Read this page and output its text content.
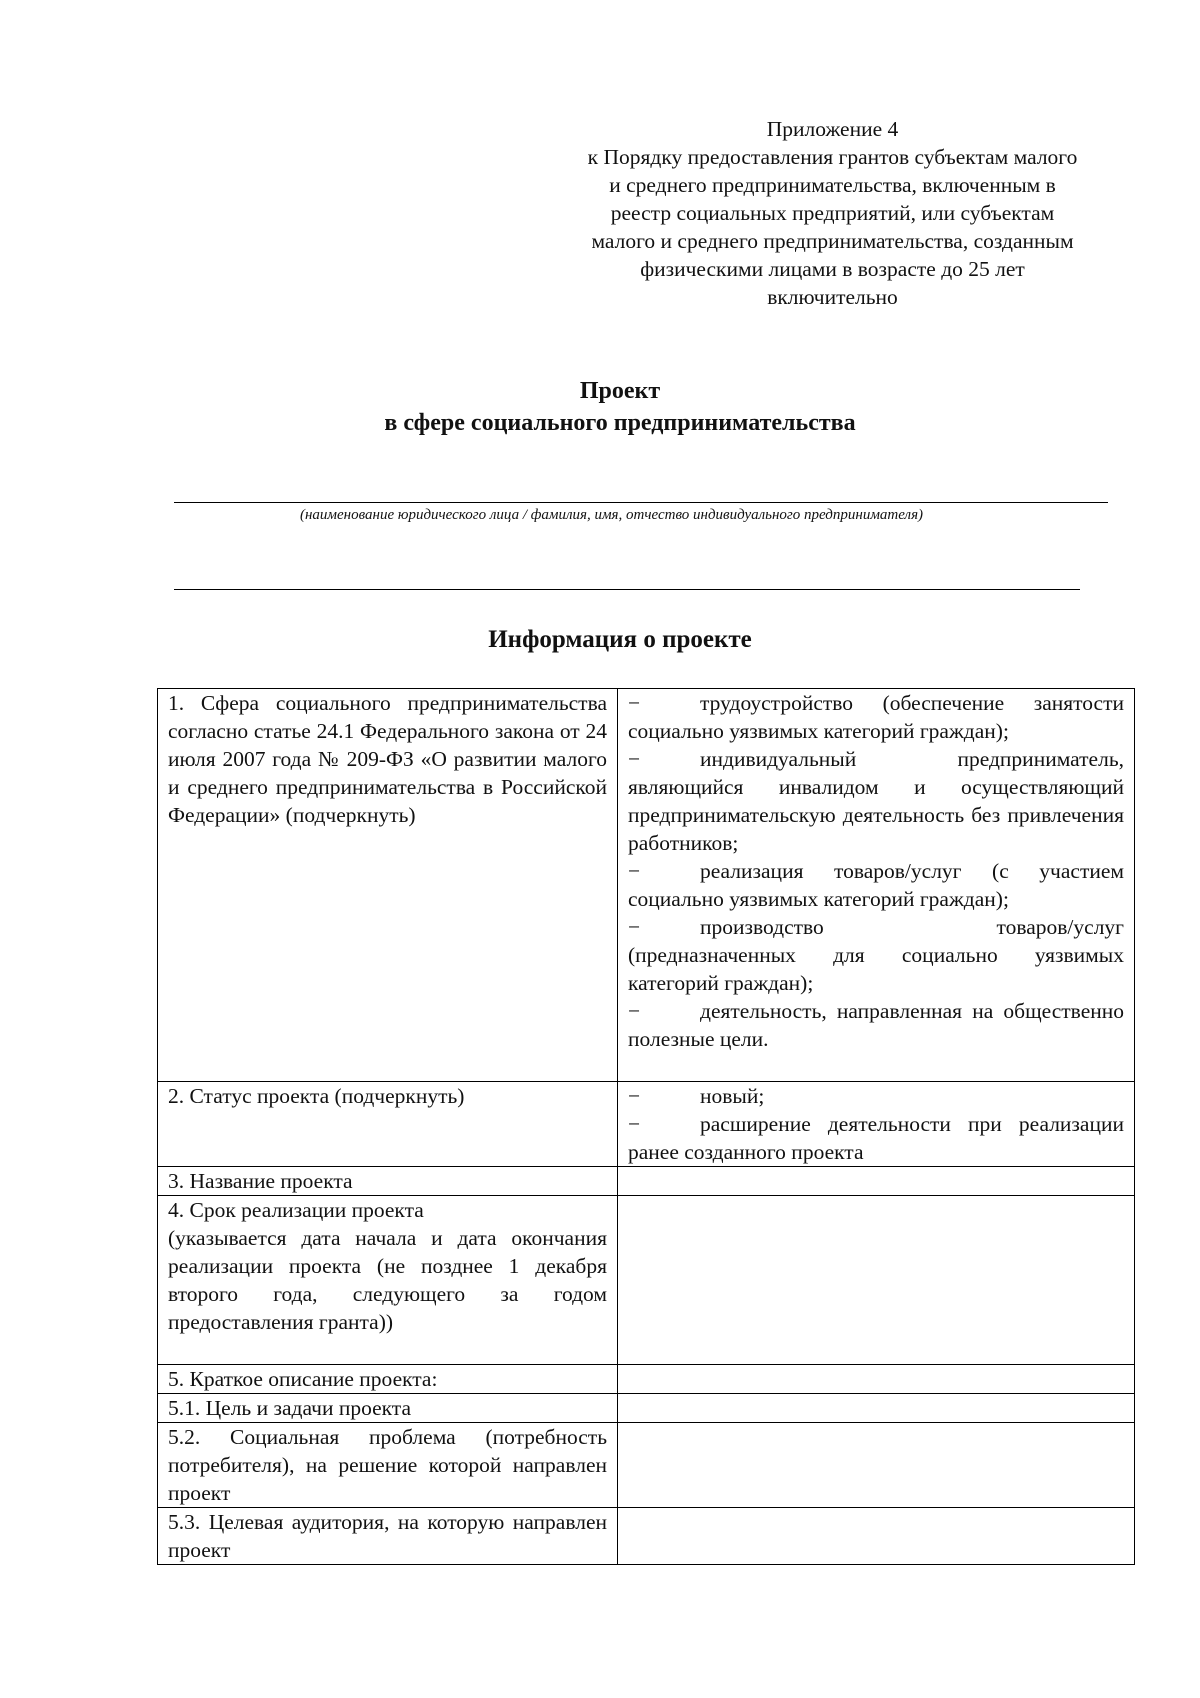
Приложение 4
к Порядку предоставления грантов субъектам малого
и среднего предпринимательства, включенным в
реестр социальных предприятий, или субъектам
малого и среднего предпринимательства, созданным
физическими лицами в возрасте до 25 лет
включительно
Проект
в сфере социального предпринимательства
(наименование юридического лица / фамилия, имя, отчество индивидуального предпринимателя)
Информация о проекте
1. Сфера социального предпринимательства согласно статье 24.1 Федерального закона от 24 июля 2007 года № 209-ФЗ «О развитии малого и среднего предпринимательства в Российской Федерации» (подчеркнуть)	− трудоустройство (обеспечение занятости социально уязвимых категорий граждан);
− индивидуальный предприниматель, являющийся инвалидом и осуществляющий предпринимательскую деятельность без привлечения работников;
− реализация товаров/услуг (с участием социально уязвимых категорий граждан);
− производство товаров/услуг (предназначенных для социально уязвимых категорий граждан);
− деятельность, направленная на общественно полезные цели.

2. Статус проекта (подчеркнуть)	− новый;
− расширение деятельности при реализации ранее созданного проекта

3. Название проекта	

4. Срок реализации проекта
(указывается дата начала и дата окончания реализации проекта (не позднее 1 декабря второго года, следующего за годом предоставления гранта))	

5. Краткое описание проекта:	
5.1. Цель и задачи проекта	
5.2. Социальная проблема (потребность потребителя), на решение которой направлен проект	
5.3. Целевая аудитория, на которую направлен проект	
